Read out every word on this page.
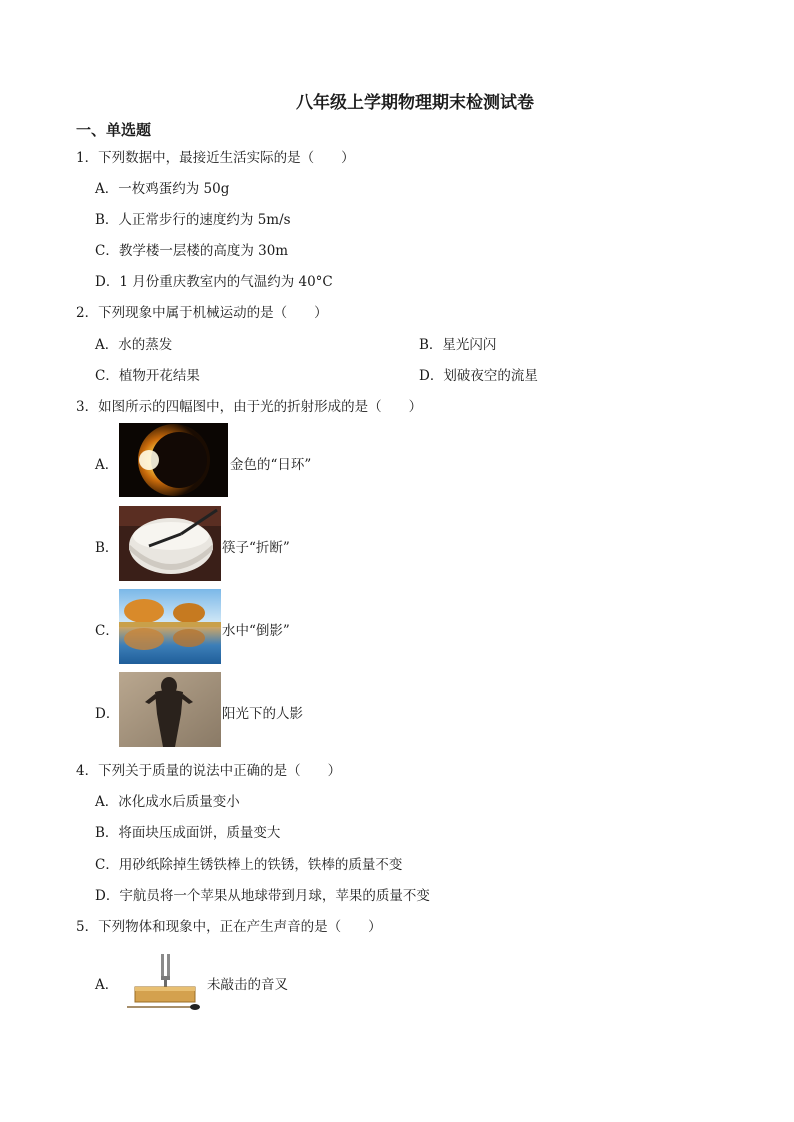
八年级上学期物理期末检测试卷
一、单选题
1．下列数据中，最接近生活实际的是（　　）
A．一枚鸡蛋约为 50g
B．人正常步行的速度约为 5m/s
C．教学楼一层楼的高度为 30m
D．1 月份重庆教室内的气温约为 40°C
2．下列现象中属于机械运动的是（　　）
A．水的蒸发	B．星光闪闪
C．植物开花结果	D．划破夜空的流星
3．如图所示的四幅图中，由于光的折射形成的是（　　）
A．	金色的“日环”
B．	筷子“折断”
C．	水中“倒影”
D．	阳光下的人影
4．下列关于质量的说法中正确的是（　　）
A．冰化成水后质量变小
B．将面块压成面饼，质量变大
C．用砂纸除掉生锈铁棒上的铁锈，铁棒的质量不变
D．宇航员将一个苹果从地球带到月球，苹果的质量不变
5．下列物体和现象中，正在产生声音的是（　　）
A．	未敲击的音叉
